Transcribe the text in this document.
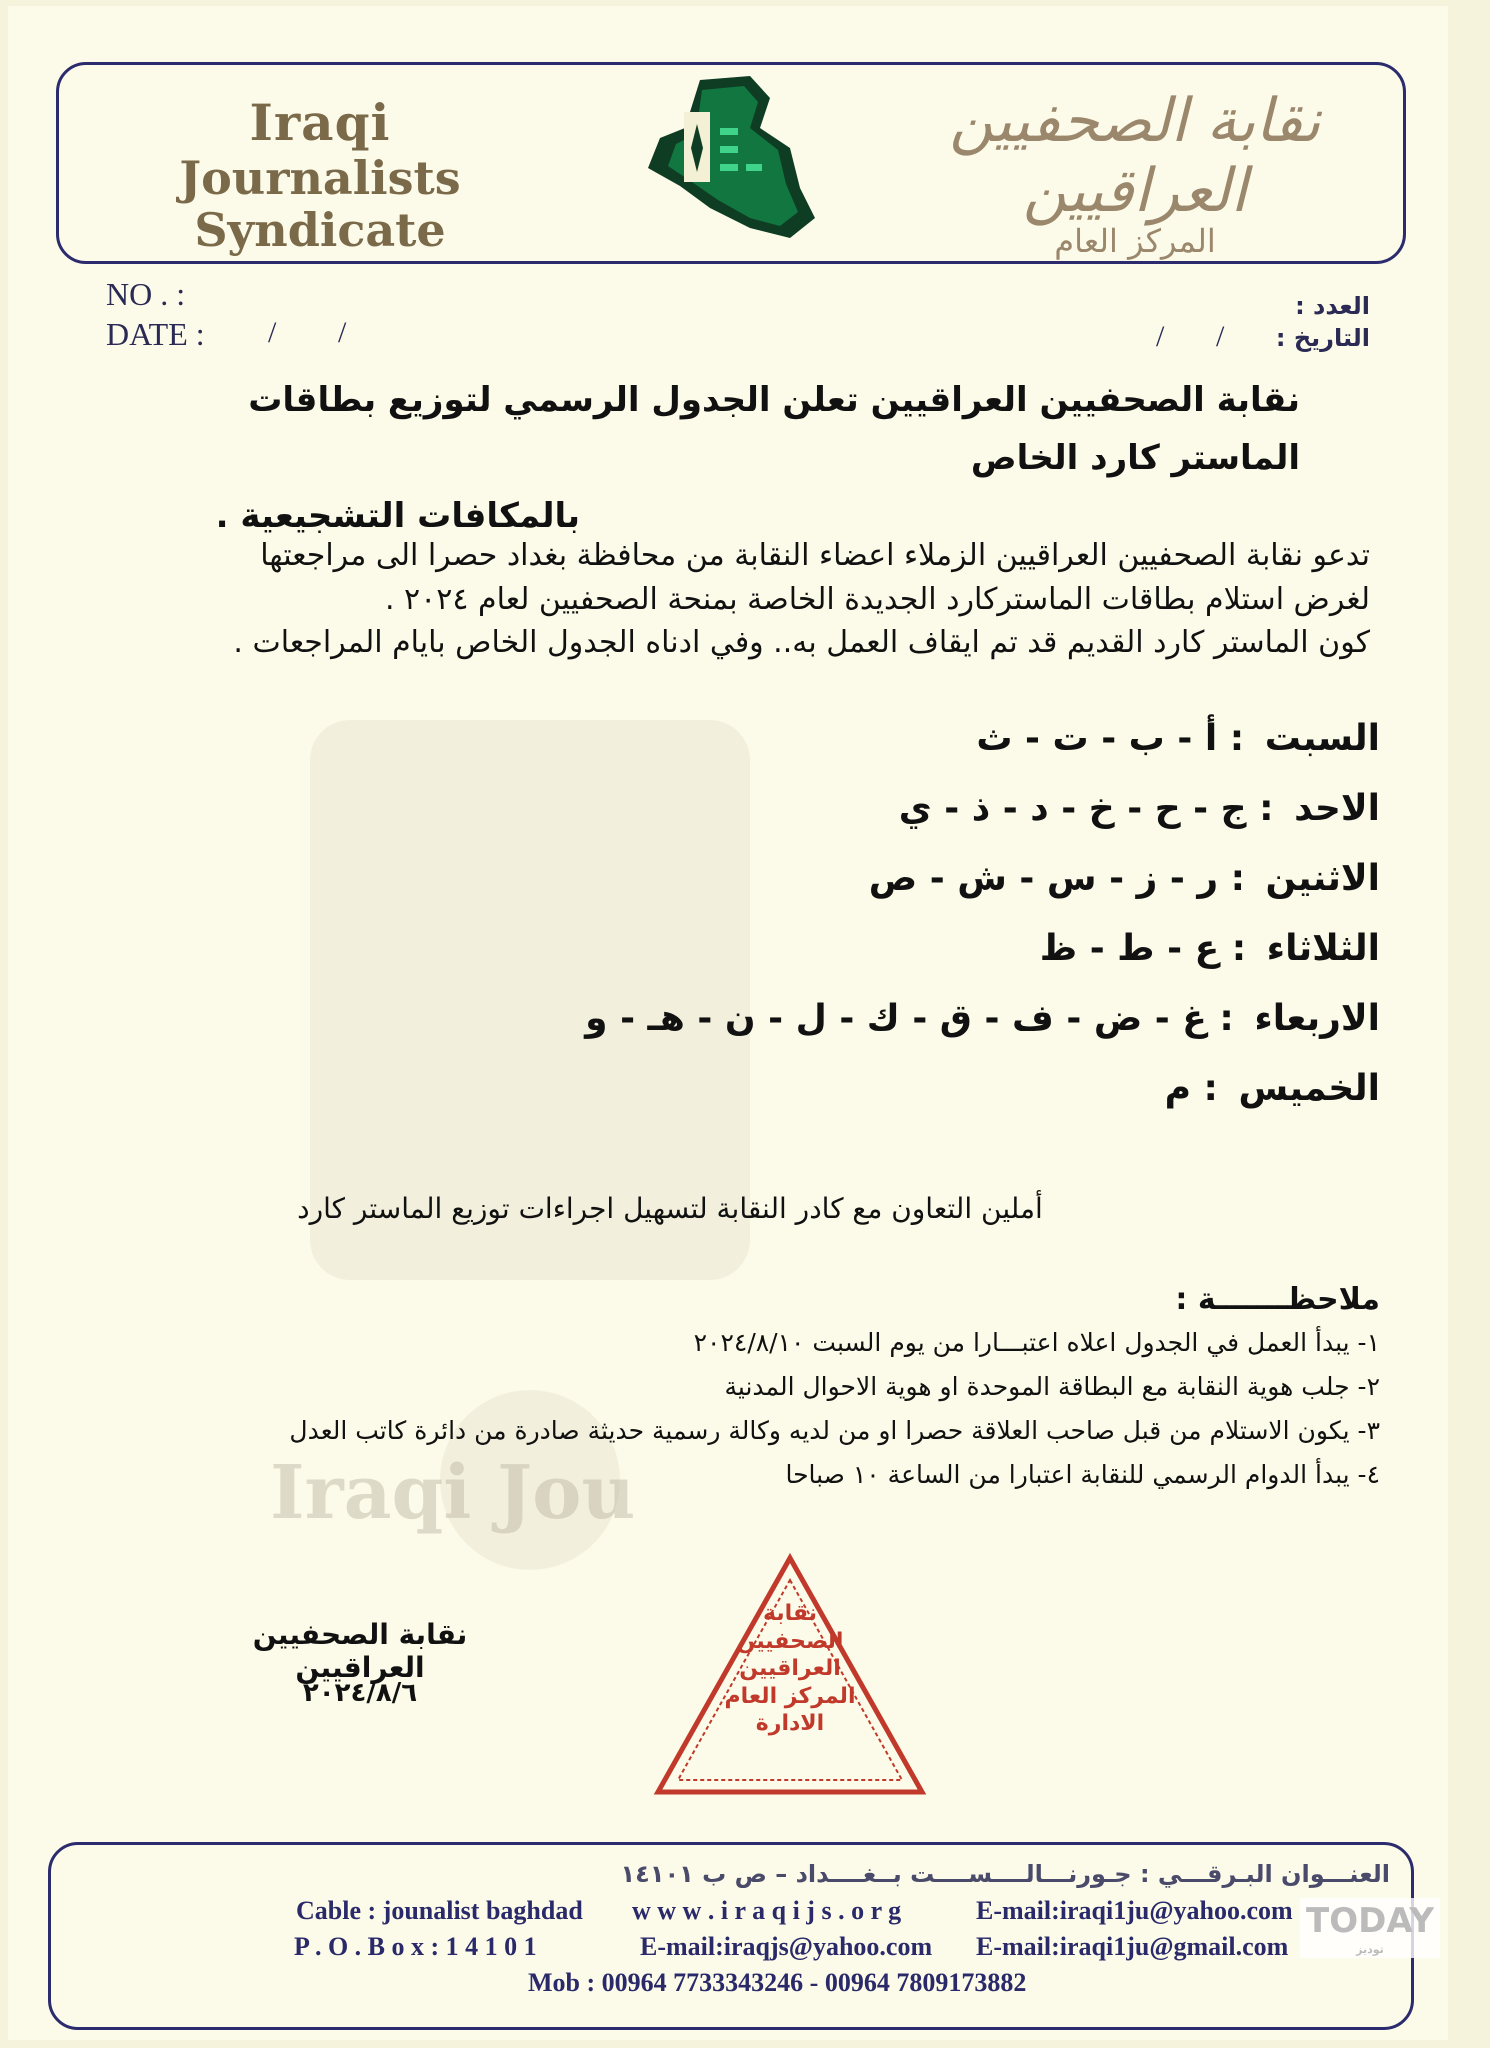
Iraqi Jou
Iraqi
Journalists Syndicate
نقابة الصحفيين العراقيين
المركز العام
NO . :
DATE : / /
العدد :
التاريخ :
/ /
نقابة الصحفيين العراقيين تعلن الجدول الرسمي لتوزيع بطاقات الماستر كارد الخاص
بالمكافات التشجيعية .
تدعو نقابة الصحفيين العراقيين الزملاء اعضاء النقابة من محافظة بغداد حصرا الى مراجعتها
لغرض استلام بطاقات الماستركارد الجديدة الخاصة بمنحة الصحفيين لعام ٢٠٢٤ .
كون الماستر كارد القديم قد تم ايقاف العمل به.. وفي ادناه الجدول الخاص بايام المراجعات .
السبت : أ - ب - ت - ث
الاحد : ج - ح - خ - د - ذ - ي
الاثنين : ر - ز - س - ش - ص
الثلاثاء : ع - ط - ظ
الاربعاء : غ - ض - ف - ق - ك - ل - ن - هـ - و
الخميس : م
أملين التعاون مع كادر النقابة لتسهيل اجراءات توزيع الماستر كارد
ملاحظـــــــة :
١- يبدأ العمل في الجدول اعلاه اعتبـــارا من يوم السبت ٢٠٢٤/٨/١٠
٢- جلب هوية النقابة مع البطاقة الموحدة او هوية الاحوال المدنية
٣- يكون الاستلام من قبل صاحب العلاقة حصرا او من لديه وكالة رسمية حديثة صادرة من دائرة كاتب العدل
٤- يبدأ الدوام الرسمي للنقابة اعتبارا من الساعة ١٠ صباحا
نقابة الصحفيين العراقيين
٢٠٢٤/٨/٦
نقابة
الصحفيين
العراقيين
المركز العام
الادارة
العنـــوان البـرقـــي : جـورنـــالــــســــت بــغــــداد – ص ب ١٤١٠١
Cable : jounalist baghdad w w w . i r a q i j s . o r g	E-mail:iraqi1ju@yahoo.com
P . O . B o x : 1 4 1 0 1	E-mail:iraqjs@yahoo.com E-mail:iraqi1ju@gmail.com
Mob : 00964 7733343246 - 00964 7809173882
TODAY
توديز
